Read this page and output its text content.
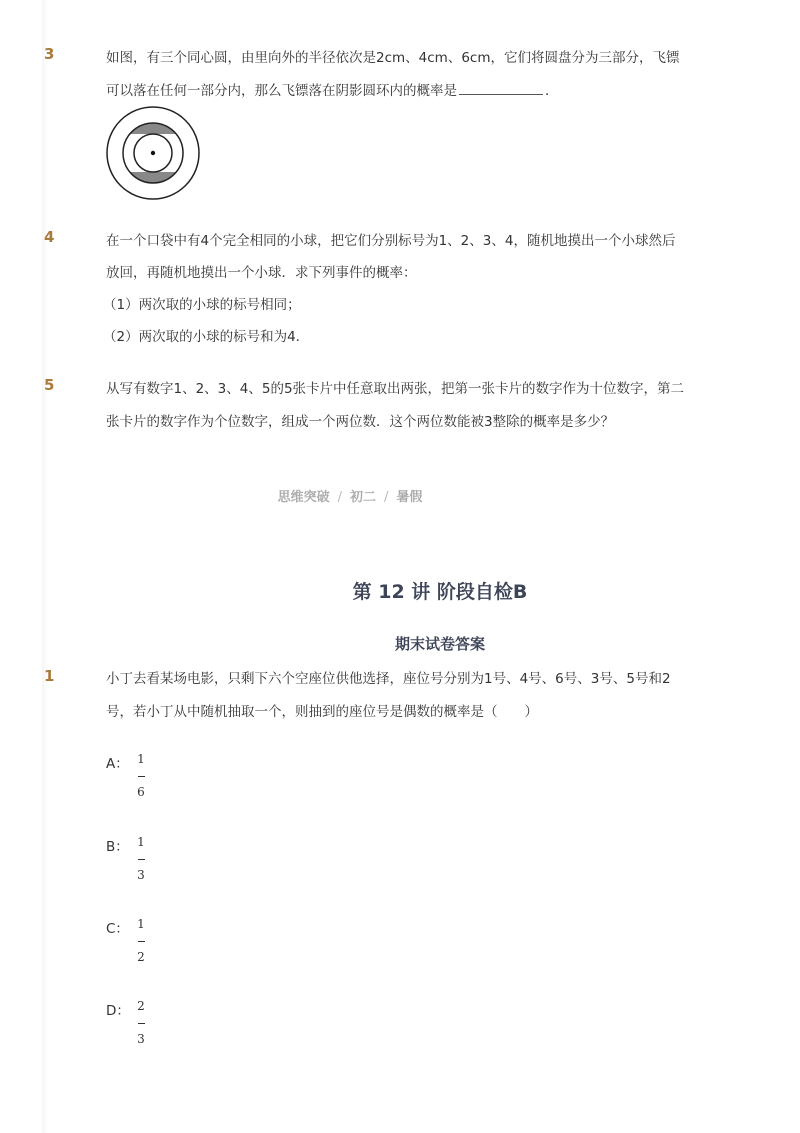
3	如图，有三个同心圆，由里向外的半径依次是2cm、4cm、6cm，它们将圆盘分为三部分，飞镖
可以落在任何一部分内，那么飞镖落在阴影圆环内的概率是	．
4	在一个口袋中有4个完全相同的小球，把它们分别标号为1、2、3、4，随机地摸出一个小球然后
放回，再随机地摸出一个小球．求下列事件的概率：
（1）两次取的小球的标号相同；
（2）两次取的小球的标号和为4．
5	从写有数字1、2、3、4、5的5张卡片中任意取出两张，把第一张卡片的数字作为十位数字，第二
张卡片的数字作为个位数字，组成一个两位数．这个两位数能被3整除的概率是多少？
思维突破 / 初二 / 暑假
第 12 讲 阶段自检B
期末试卷答案
1	小丁去看某场电影，只剩下六个空座位供他选择，座位号分别为1号、4号、6号、3号、5号和2
号，若小丁从中随机抽取一个，则抽到的座位号是偶数的概率是（　　）
A： 1
6
B： 1
3
C： 1
2
D： 2
3
